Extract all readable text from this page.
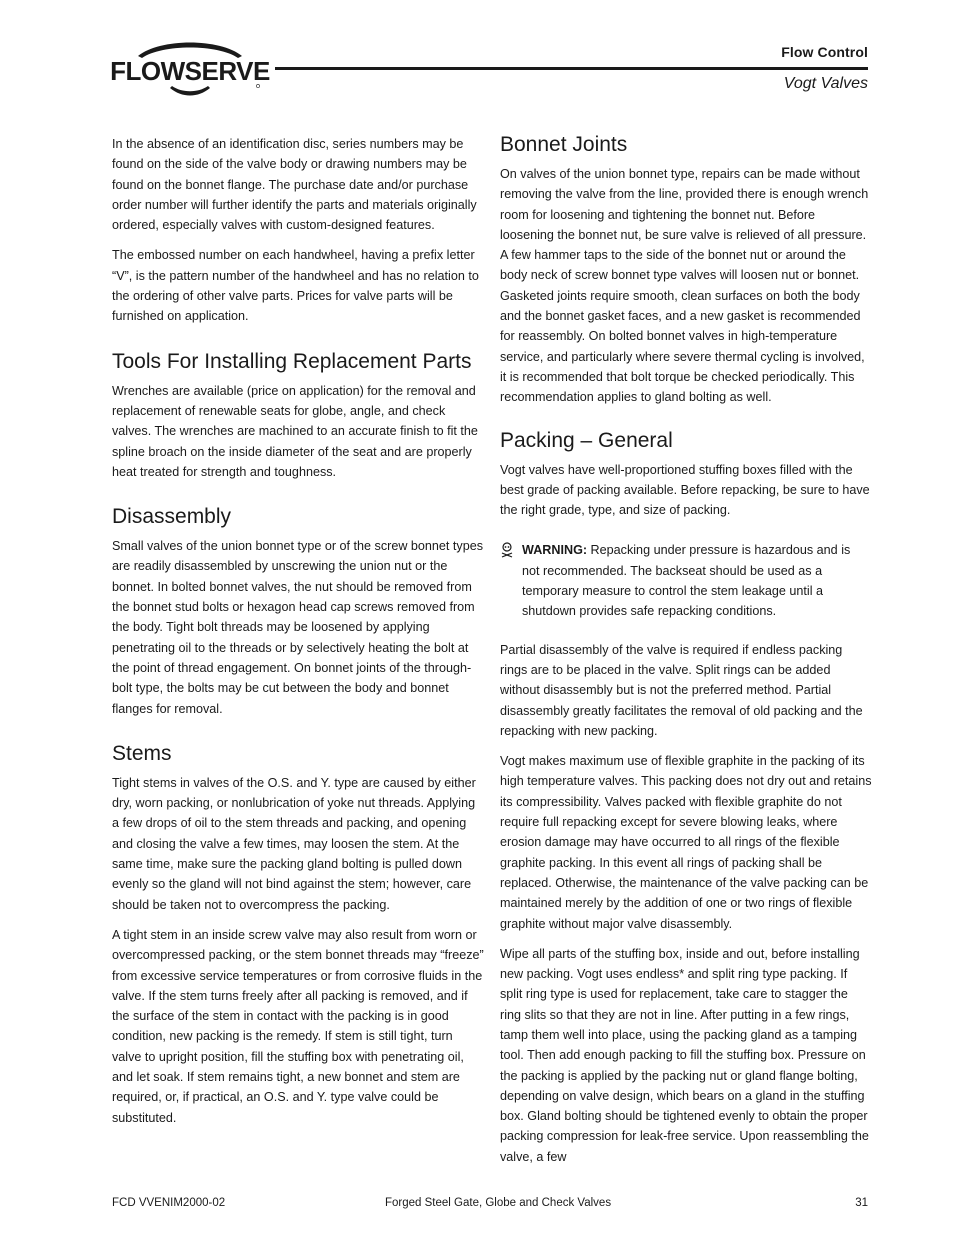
FLOWSERVE
Flow Control
Vogt Valves

In the absence of an identification disc, series numbers may be found on the side of the valve body or drawing numbers may be found on the bonnet flange. The purchase date and/or purchase order number will further identify the parts and materials originally ordered, especially valves with custom-designed features.

The embossed number on each handwheel, having a prefix letter “V”, is the pattern number of the handwheel and has no relation to the ordering of other valve parts. Prices for valve parts will be furnished on application.

Tools For Installing Replacement Parts

Wrenches are available (price on application) for the removal and replacement of renewable seats for globe, angle, and check valves. The wrenches are machined to an accurate finish to fit the spline broach on the inside diameter of the seat and are properly heat treated for strength and toughness.

Disassembly

Small valves of the union bonnet type or of the screw bonnet types are readily disassembled by unscrewing the union nut or the bonnet. In bolted bonnet valves, the nut should be removed from the bonnet stud bolts or hexagon head cap screws removed from the body. Tight bolt threads may be loosened by applying penetrating oil to the threads or by selectively heating the bolt at the point of thread engagement. On bonnet joints of the through-bolt type, the bolts may be cut between the body and bonnet flanges for removal.

Stems

Tight stems in valves of the O.S. and Y. type are caused by either dry, worn packing, or nonlubrication of yoke nut threads. Applying a few drops of oil to the stem threads and packing, and opening and closing the valve a few times, may loosen the stem. At the same time, make sure the packing gland bolting is pulled down evenly so the gland will not bind against the stem; however, care should be taken not to overcompress the packing.

A tight stem in an inside screw valve may also result from worn or overcompressed packing, or the stem bonnet threads may “freeze” from excessive service temperatures or from corrosive fluids in the valve. If the stem turns freely after all packing is removed, and if the surface of the stem in contact with the packing is in good condition, new packing is the remedy. If stem is still tight, turn valve to upright position, fill the stuffing box with penetrating oil, and let soak. If stem remains tight, a new bonnet and stem are required, or, if practical, an O.S. and Y. type valve could be substituted.

Bonnet Joints

On valves of the union bonnet type, repairs can be made without removing the valve from the line, provided there is enough wrench room for loosening and tightening the bonnet nut. Before loosening the bonnet nut, be sure valve is relieved of all pressure. A few hammer taps to the side of the bonnet nut or around the body neck of screw bonnet type valves will loosen nut or bonnet. Gasketed joints require smooth, clean surfaces on both the body and the bonnet gasket faces, and a new gasket is recommended for reassembly. On bolted bonnet valves in high-temperature service, and particularly where severe thermal cycling is involved, it is recommended that bolt torque be checked periodically. This recommendation applies to gland bolting as well.

Packing – General

Vogt valves have well-proportioned stuffing boxes filled with the best grade of packing available. Before repacking, be sure to have the right grade, type, and size of packing.

WARNING: Repacking under pressure is hazardous and is not recommended. The backseat should be used as a temporary measure to control the stem leakage until a shutdown provides safe repacking conditions.

Partial disassembly of the valve is required if endless packing rings are to be placed in the valve. Split rings can be added without disassembly but is not the preferred method. Partial disassembly greatly facilitates the removal of old packing and the repacking with new packing.

Vogt makes maximum use of flexible graphite in the packing of its high temperature valves. This packing does not dry out and retains its compressibility. Valves packed with flexible graphite do not require full repacking except for severe blowing leaks, where erosion damage may have occurred to all rings of the flexible graphite packing. In this event all rings of packing shall be replaced. Otherwise, the maintenance of the valve packing can be maintained merely by the addition of one or two rings of flexible graphite without major valve disassembly.

Wipe all parts of the stuffing box, inside and out, before installing new packing. Vogt uses endless* and split ring type packing. If split ring type is used for replacement, take care to stagger the ring slits so that they are not in line. After putting in a few rings, tamp them well into place, using the packing gland as a tamping tool. Then add enough packing to fill the stuffing box. Pressure on the packing is applied by the packing nut or gland flange bolting, depending on valve design, which bears on a gland in the stuffing box. Gland bolting should be tightened evenly to obtain the proper packing compression for leak-free service. Upon reassembling the valve, a few

FCD VVENIM2000-02	Forged Steel Gate, Globe and Check Valves	31
